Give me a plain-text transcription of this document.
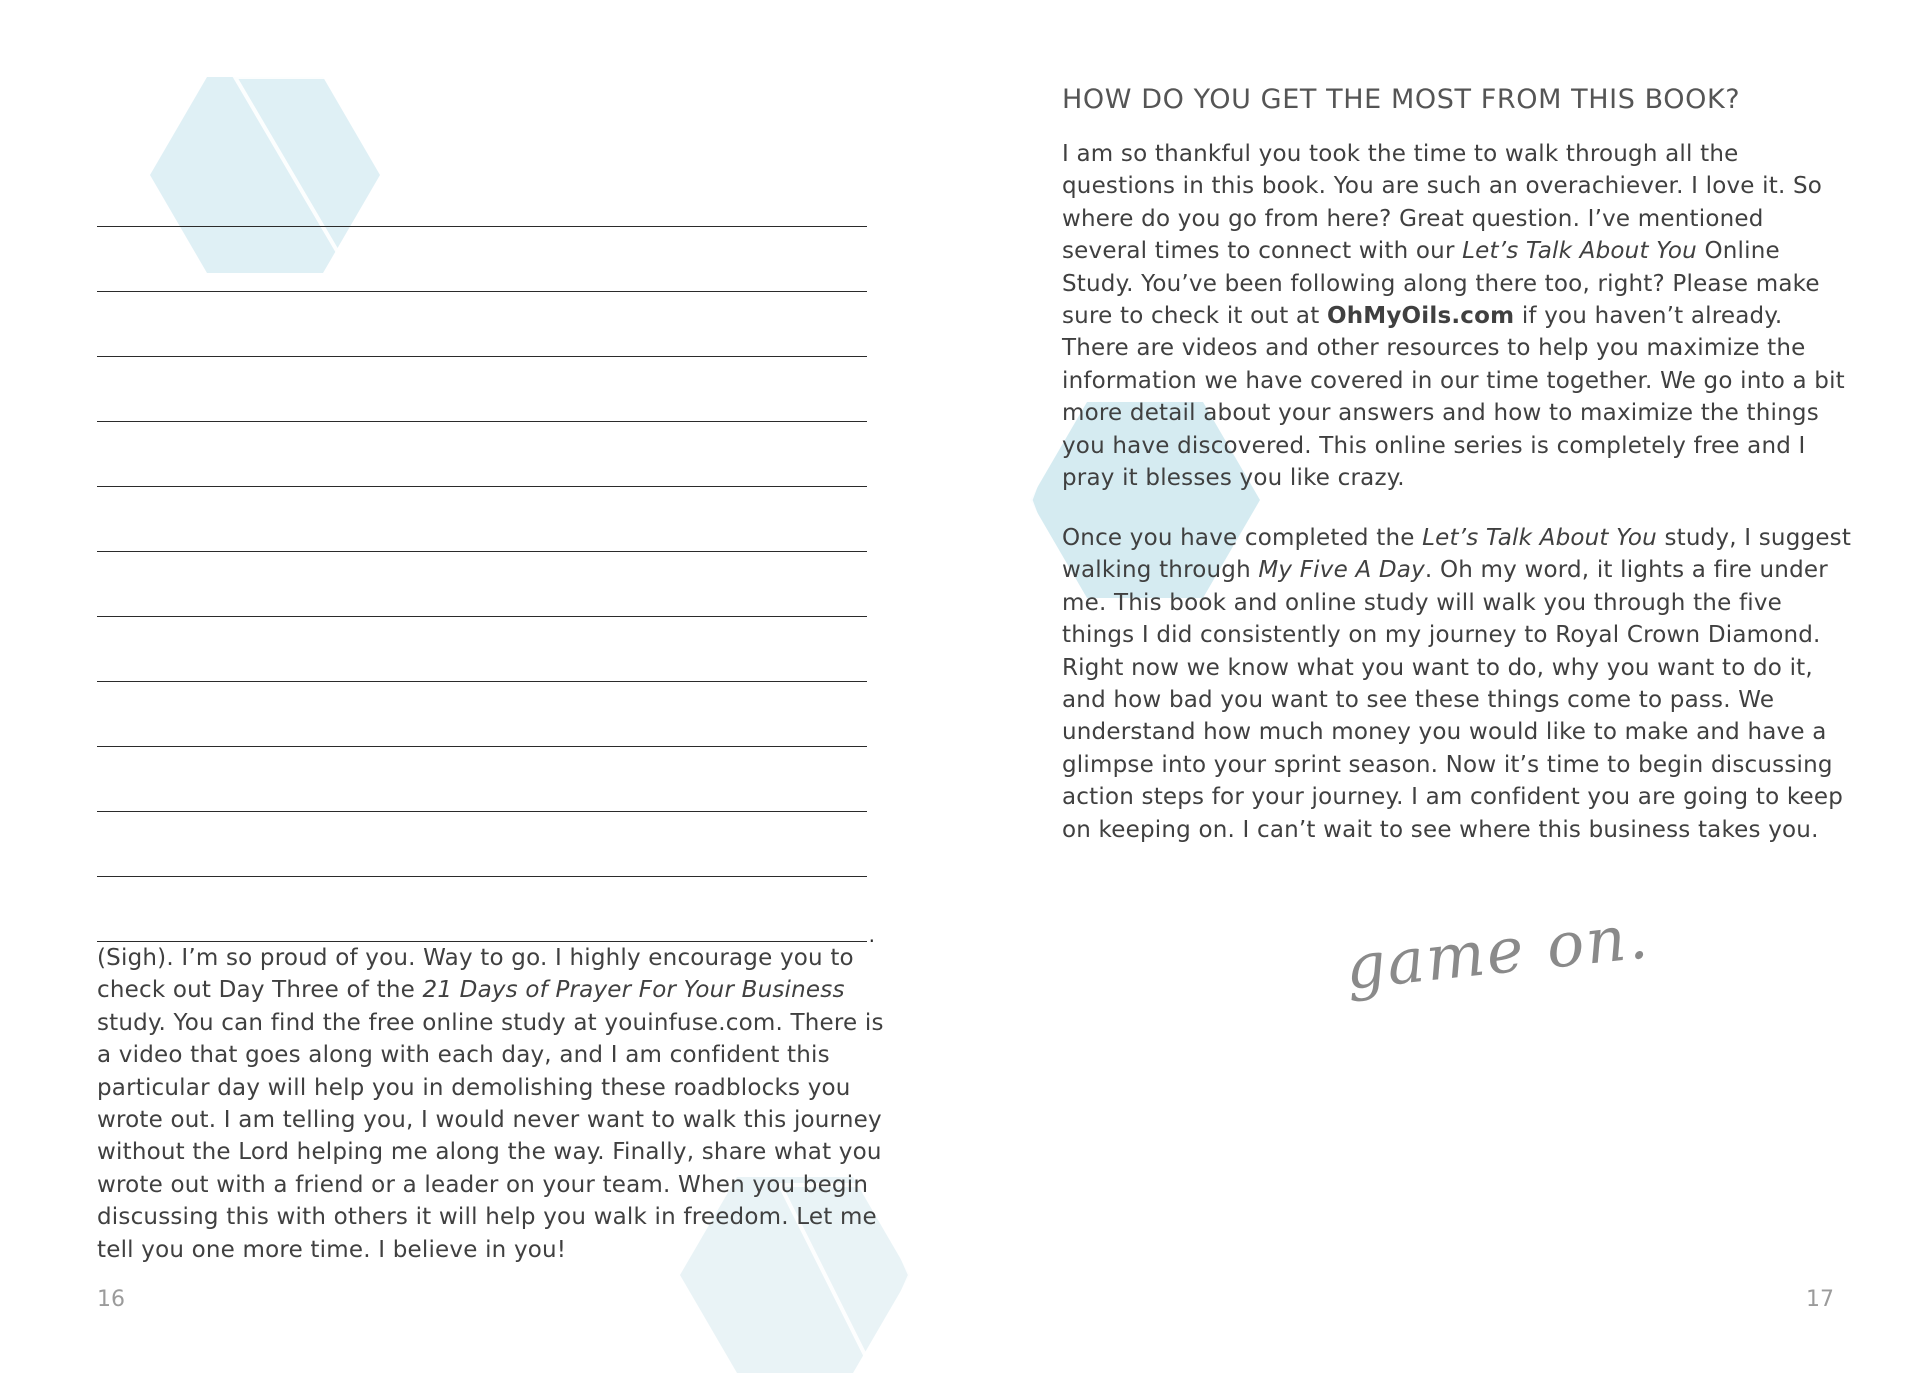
.

(Sigh). I’m so proud of you. Way to go. I highly encourage you to check out Day Three of the 21 Days of Prayer For Your Business study. You can find the free online study at youinfuse.com. There is a video that goes along with each day, and I am confident this particular day will help you in demolishing these roadblocks you wrote out. I am telling you, I would never want to walk this journey without the Lord helping me along the way. Finally, share what you wrote out with a friend or a leader on your team. When you begin discussing this with others it will help you walk in freedom. Let me tell you one more time. I believe in you!

16
HOW DO YOU GET THE MOST FROM THIS BOOK?

I am so thankful you took the time to walk through all the questions in this book. You are such an overachiever. I love it. So where do you go from here? Great question. I’ve mentioned several times to connect with our Let’s Talk About You Online Study. You’ve been following along there too, right? Please make sure to check it out at OhMyOils.com if you haven’t already. There are videos and other resources to help you maximize the information we have covered in our time together. We go into a bit more detail about your answers and how to maximize the things you have discovered. This online series is completely free and I pray it blesses you like crazy.

Once you have completed the Let’s Talk About You study, I suggest walking through My Five A Day. Oh my word, it lights a fire under me. This book and online study will walk you through the five things I did consistently on my journey to Royal Crown Diamond. Right now we know what you want to do, why you want to do it, and how bad you want to see these things come to pass. We understand how much money you would like to make and have a glimpse into your sprint season. Now it’s time to begin discussing action steps for your journey. I am confident you are going to keep on keeping on. I can’t wait to see where this business takes you.

game on.
17
